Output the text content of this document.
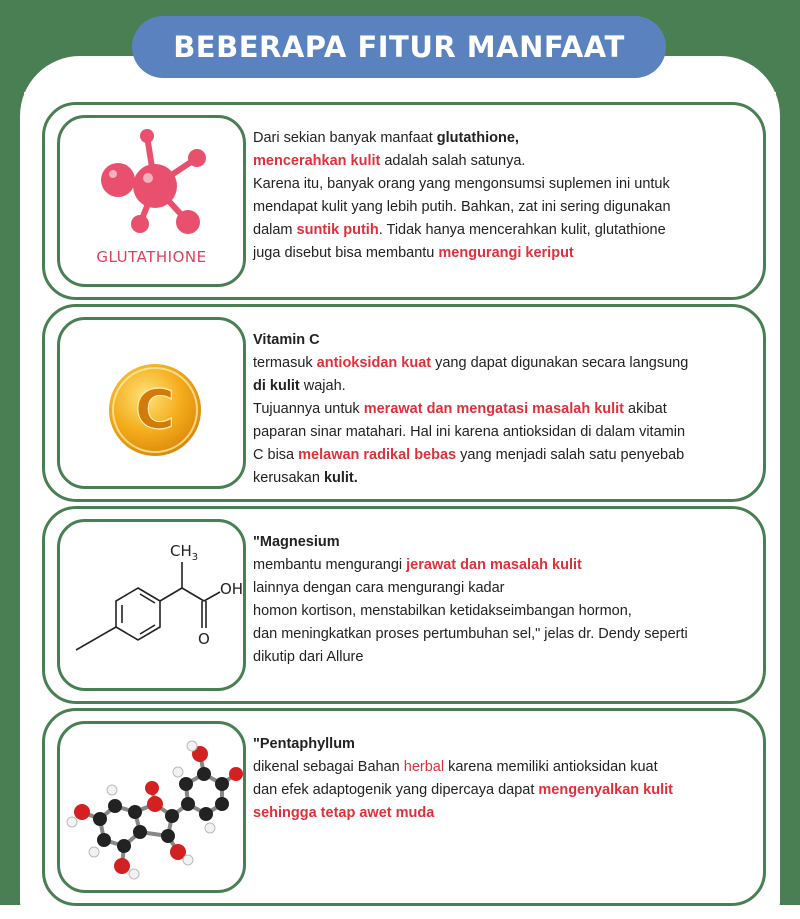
BEBERAPA FITUR MANFAAT
GLUTATHIONE
Dari sekian banyak manfaat glutathione,
mencerahkan kulit adalah salah satunya.
Karena itu, banyak orang yang mengonsumsi suplemen ini untuk
mendapat kulit yang lebih putih. Bahkan, zat ini sering digunakan
dalam suntik putih. Tidak hanya mencerahkan kulit, glutathione
juga disebut bisa membantu mengurangi keriput
C
Vitamin C
termasuk antioksidan kuat yang dapat digunakan secara langsung
di kulit wajah.
Tujuannya untuk merawat dan mengatasi masalah kulit akibat
paparan sinar matahari. Hal ini karena antioksidan di dalam vitamin
C bisa melawan radikal bebas yang menjadi salah satu penyebab
kerusakan kulit.
$CH_3$
OH
O
"Magnesium
membantu mengurangi jerawat dan masalah kulit
lainnya dengan cara mengurangi kadar
homon kortison, menstabilkan ketidakseimbangan hormon,
dan meningkatkan proses pertumbuhan sel," jelas dr. Dendy seperti
dikutip dari Allure
"Pentaphyllum
dikenal sebagai Bahan herbal karena memiliki antioksidan kuat
dan efek adaptogenik yang dipercaya dapat mengenyalkan kulit
sehingga tetap awet muda
